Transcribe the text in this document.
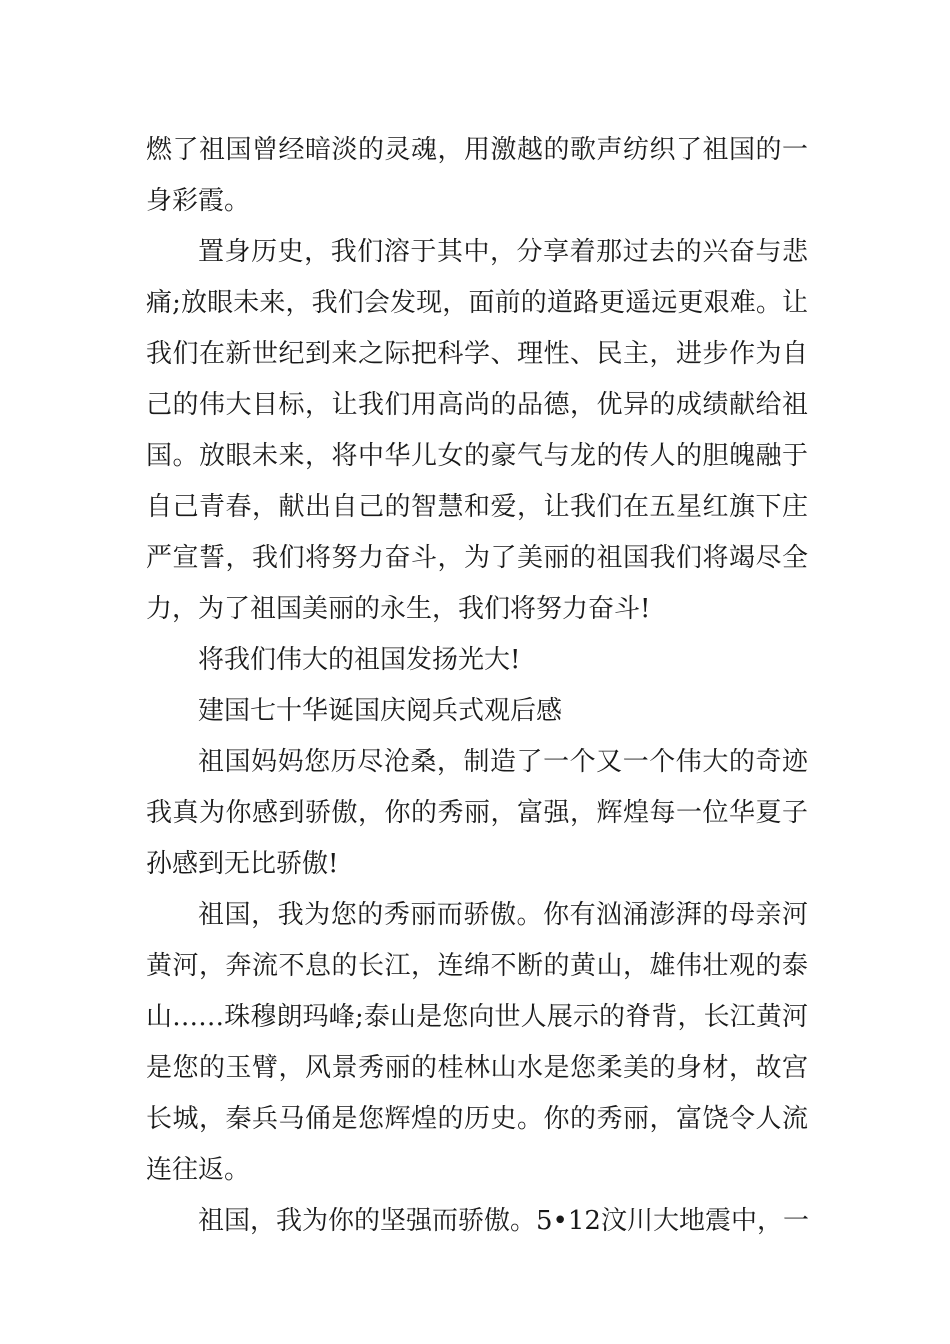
燃了祖国曾经暗淡的灵魂，用激越的歌声纺织了祖国的一
身彩霞。
置身历史，我们溶于其中，分享着那过去的兴奋与悲
痛;放眼未来，我们会发现，面前的道路更遥远更艰难。让
我们在新世纪到来之际把科学、理性、民主，进步作为自
己的伟大目标，让我们用高尚的品德，优异的成绩献给祖
国。放眼未来，将中华儿女的豪气与龙的传人的胆魄融于
自己青春，献出自己的智慧和爱，让我们在五星红旗下庄
严宣誓，我们将努力奋斗，为了美丽的祖国我们将竭尽全
力，为了祖国美丽的永生，我们将努力奋斗!
将我们伟大的祖国发扬光大!
建国七十华诞国庆阅兵式观后感
祖国妈妈您历尽沧桑，制造了一个又一个伟大的奇迹
我真为你感到骄傲，你的秀丽，富强，辉煌每一位华夏子
孙感到无比骄傲!
祖国，我为您的秀丽而骄傲。你有汹涌澎湃的母亲河
黄河，奔流不息的长江，连绵不断的黄山，雄伟壮观的泰
山……珠穆朗玛峰;泰山是您向世人展示的脊背，长江黄河
是您的玉臂，风景秀丽的桂林山水是您柔美的身材，故宫
长城，秦兵马俑是您辉煌的历史。你的秀丽，富饶令人流
连往返。
祖国，我为你的坚强而骄傲。5•12汶川大地震中，一
